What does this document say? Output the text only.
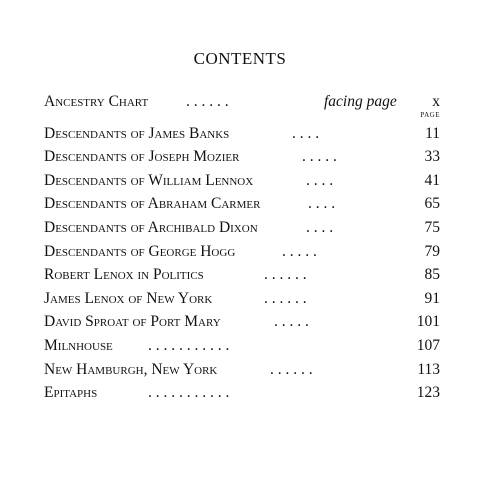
CONTENTS
Ancestry Chart . . . . . .	facing page x
PAGE
Descendants of James Banks	. . . .	11
Descendants of Joseph Mozier	. . . . .	33
Descendants of William Lennox	. . . .	41
Descendants of Abraham Carmer	. . . .	65
Descendants of Archibald Dixon	. . . .	75
Descendants of George Hogg	. . . . .	79
Robert Lenox in Politics	. . . . . .	85
James Lenox of New York	. . . . . .	91
David Sproat of Port Mary	. . . . .	101
Milnhouse . . . . . . . . . . .	107
New Hamburgh, New York	. . . . . .	113
Epitaphs	. . . . . . . . . . .	123
